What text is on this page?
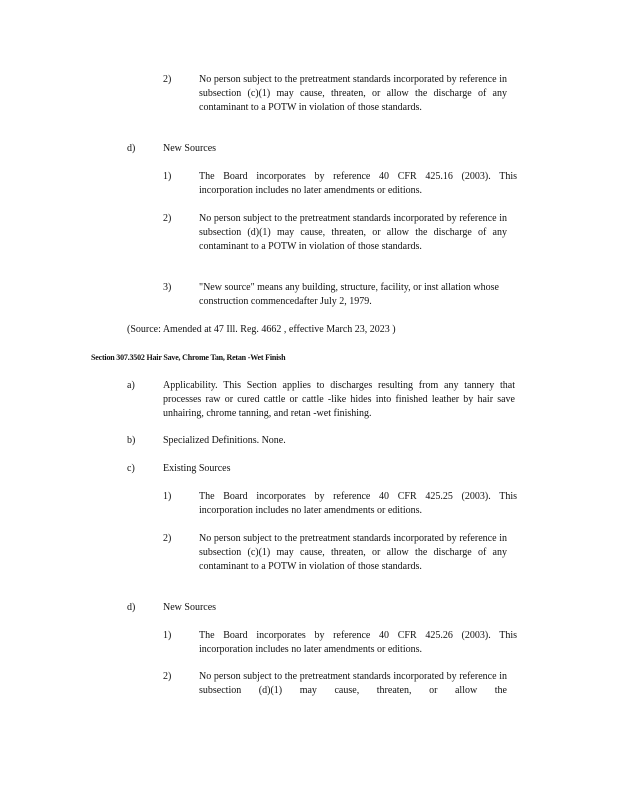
2)	No person subject to the pretreatment standards incorporated by reference in subsection (c)(1) may cause, threaten, or allow the discharge of any contaminant to a POTW in violation of those standards.

d)	New Sources

1)	The Board incorporates by reference 40 CFR 425.16 (2003). This incorporation includes no later amendments or editions.

2)	No person subject to the pretreatment standards incorporated by reference in subsection (d)(1) may cause, threaten, or allow the discharge of any contaminant to a POTW in violation of those standards.

3)	"New source" means any building, structure, facility, or inst allation whose construction commencedafter July 2, 1979.

(Source: Amended at 47 Ill. Reg. 4662 , effective March 23, 2023 )

Section 307.3502 Hair Save, Chrome Tan, Retan -Wet Finish

a)	Applicability. This Section applies to discharges resulting from any tannery that processes raw or cured cattle or cattle -like hides into finished leather by hair save unhairing, chrome tanning, and retan -wet finishing.

b)	Specialized Definitions. None.

c)	Existing Sources

1)	The Board incorporates by reference 40 CFR 425.25 (2003). This incorporation includes no later amendments or editions.

2)	No person subject to the pretreatment standards incorporated by reference in subsection (c)(1) may cause, threaten, or allow the discharge of any contaminant to a POTW in violation of those standards.

d)	New Sources

1)	The Board incorporates by reference 40 CFR 425.26 (2003). This incorporation includes no later amendments or editions.

2)	No person subject to the pretreatment standards incorporated by reference in subsection (d)(1) may cause, threaten, or allow the
